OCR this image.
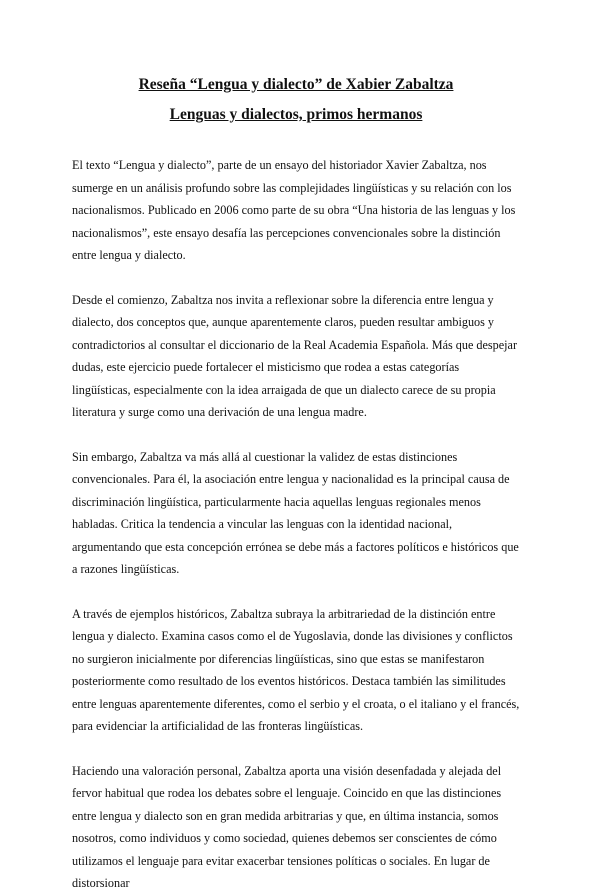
Reseña “Lengua y dialecto” de Xabier Zabaltza
Lenguas y dialectos, primos hermanos

El texto “Lengua y dialecto”, parte de un ensayo del historiador Xavier Zabaltza, nos sumerge en un análisis profundo sobre las complejidades lingüísticas y su relación con los nacionalismos. Publicado en 2006 como parte de su obra “Una historia de las lenguas y los nacionalismos”, este ensayo desafía las percepciones convencionales sobre la distinción entre lengua y dialecto.

Desde el comienzo, Zabaltza nos invita a reflexionar sobre la diferencia entre lengua y dialecto, dos conceptos que, aunque aparentemente claros, pueden resultar ambiguos y contradictorios al consultar el diccionario de la Real Academia Española. Más que despejar dudas, este ejercicio puede fortalecer el misticismo que rodea a estas categorías lingüísticas, especialmente con la idea arraigada de que un dialecto carece de su propia literatura y surge como una derivación de una lengua madre.

Sin embargo, Zabaltza va más allá al cuestionar la validez de estas distinciones convencionales. Para él, la asociación entre lengua y nacionalidad es la principal causa de discriminación lingüística, particularmente hacia aquellas lenguas regionales menos habladas. Critica la tendencia a vincular las lenguas con la identidad nacional, argumentando que esta concepción errónea se debe más a factores políticos e históricos que a razones lingüísticas.

A través de ejemplos históricos, Zabaltza subraya la arbitrariedad de la distinción entre lengua y dialecto. Examina casos como el de Yugoslavia, donde las divisiones y conflictos no surgieron inicialmente por diferencias lingüísticas, sino que estas se manifestaron posteriormente como resultado de los eventos históricos. Destaca también las similitudes entre lenguas aparentemente diferentes, como el serbio y el croata, o el italiano y el francés, para evidenciar la artificialidad de las fronteras lingüísticas.

Haciendo una valoración personal, Zabaltza aporta una visión desenfadada y alejada del fervor habitual que rodea los debates sobre el lenguaje. Coincido en que las distinciones entre lengua y dialecto son en gran medida arbitrarias y que, en última instancia, somos nosotros, como individuos y como sociedad, quienes debemos ser conscientes de cómo utilizamos el lenguaje para evitar exacerbar tensiones políticas o sociales. En lugar de distorsionar
